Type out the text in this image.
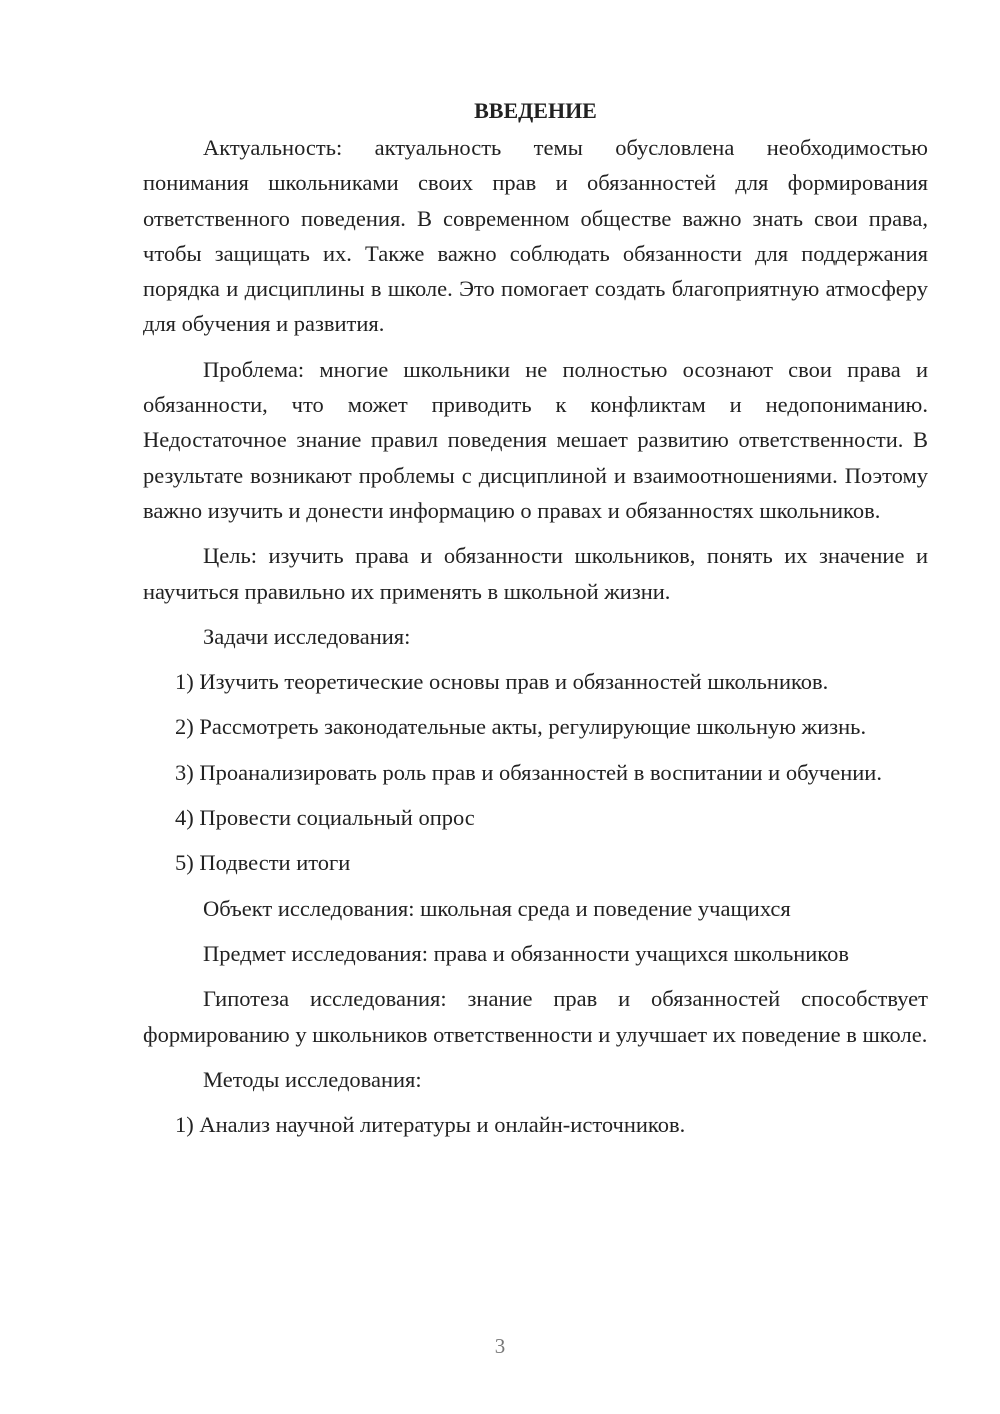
ВВЕДЕНИЕ
Актуальность: актуальность темы обусловлена необходимостью понимания школьниками своих прав и обязанностей для формирования ответственного поведения. В современном обществе важно знать свои права, чтобы защищать их. Также важно соблюдать обязанности для поддержания порядка и дисциплины в школе. Это помогает создать благоприятную атмосферу для обучения и развития.
Проблема: многие школьники не полностью осознают свои права и обязанности, что может приводить к конфликтам и недопониманию. Недостаточное знание правил поведения мешает развитию ответственности. В результате возникают проблемы с дисциплиной и взаимоотношениями. Поэтому важно изучить и донести информацию о правах и обязанностях школьников.
Цель: изучить права и обязанности школьников, понять их значение и научиться правильно их применять в школьной жизни.
Задачи исследования:
1) Изучить теоретические основы прав и обязанностей школьников.
2) Рассмотреть законодательные акты, регулирующие школьную жизнь.
3) Проанализировать роль прав и обязанностей в воспитании и обучении.
4) Провести социальный опрос
5) Подвести итоги
Объект исследования: школьная среда и поведение учащихся
Предмет исследования: права и обязанности учащихся школьников
Гипотеза исследования: знание прав и обязанностей способствует формированию у школьников ответственности и улучшает их поведение в школе.
Методы исследования:
1) Анализ научной литературы и онлайн-источников.
3
